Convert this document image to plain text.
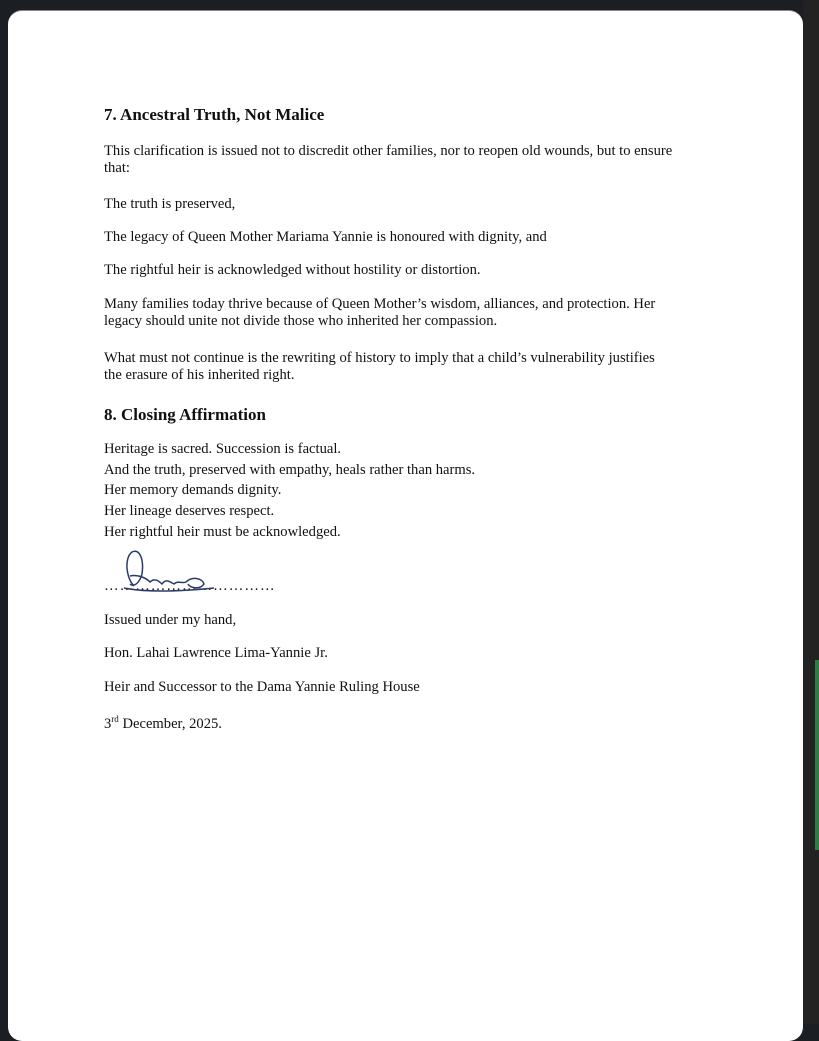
7. Ancestral Truth, Not Malice
This clarification is issued not to discredit other families, nor to reopen old wounds, but to ensure
that:
The truth is preserved,
The legacy of Queen Mother Mariama Yannie is honoured with dignity, and
The rightful heir is acknowledged without hostility or distortion.
Many families today thrive because of Queen Mother’s wisdom, alliances, and protection. Her
legacy should unite not divide those who inherited her compassion.
What must not continue is the rewriting of history to imply that a child’s vulnerability justifies
the erasure of his inherited right.
8. Closing Affirmation
Heritage is sacred. Succession is factual.
And the truth, preserved with empathy, heals rather than harms.
Her memory demands dignity.
Her lineage deserves respect.
Her rightful heir must be acknowledged.
……………………………
Issued under my hand,
Hon. Lahai Lawrence Lima-Yannie Jr.
Heir and Successor to the Dama Yannie Ruling House
3rd December, 2025.
